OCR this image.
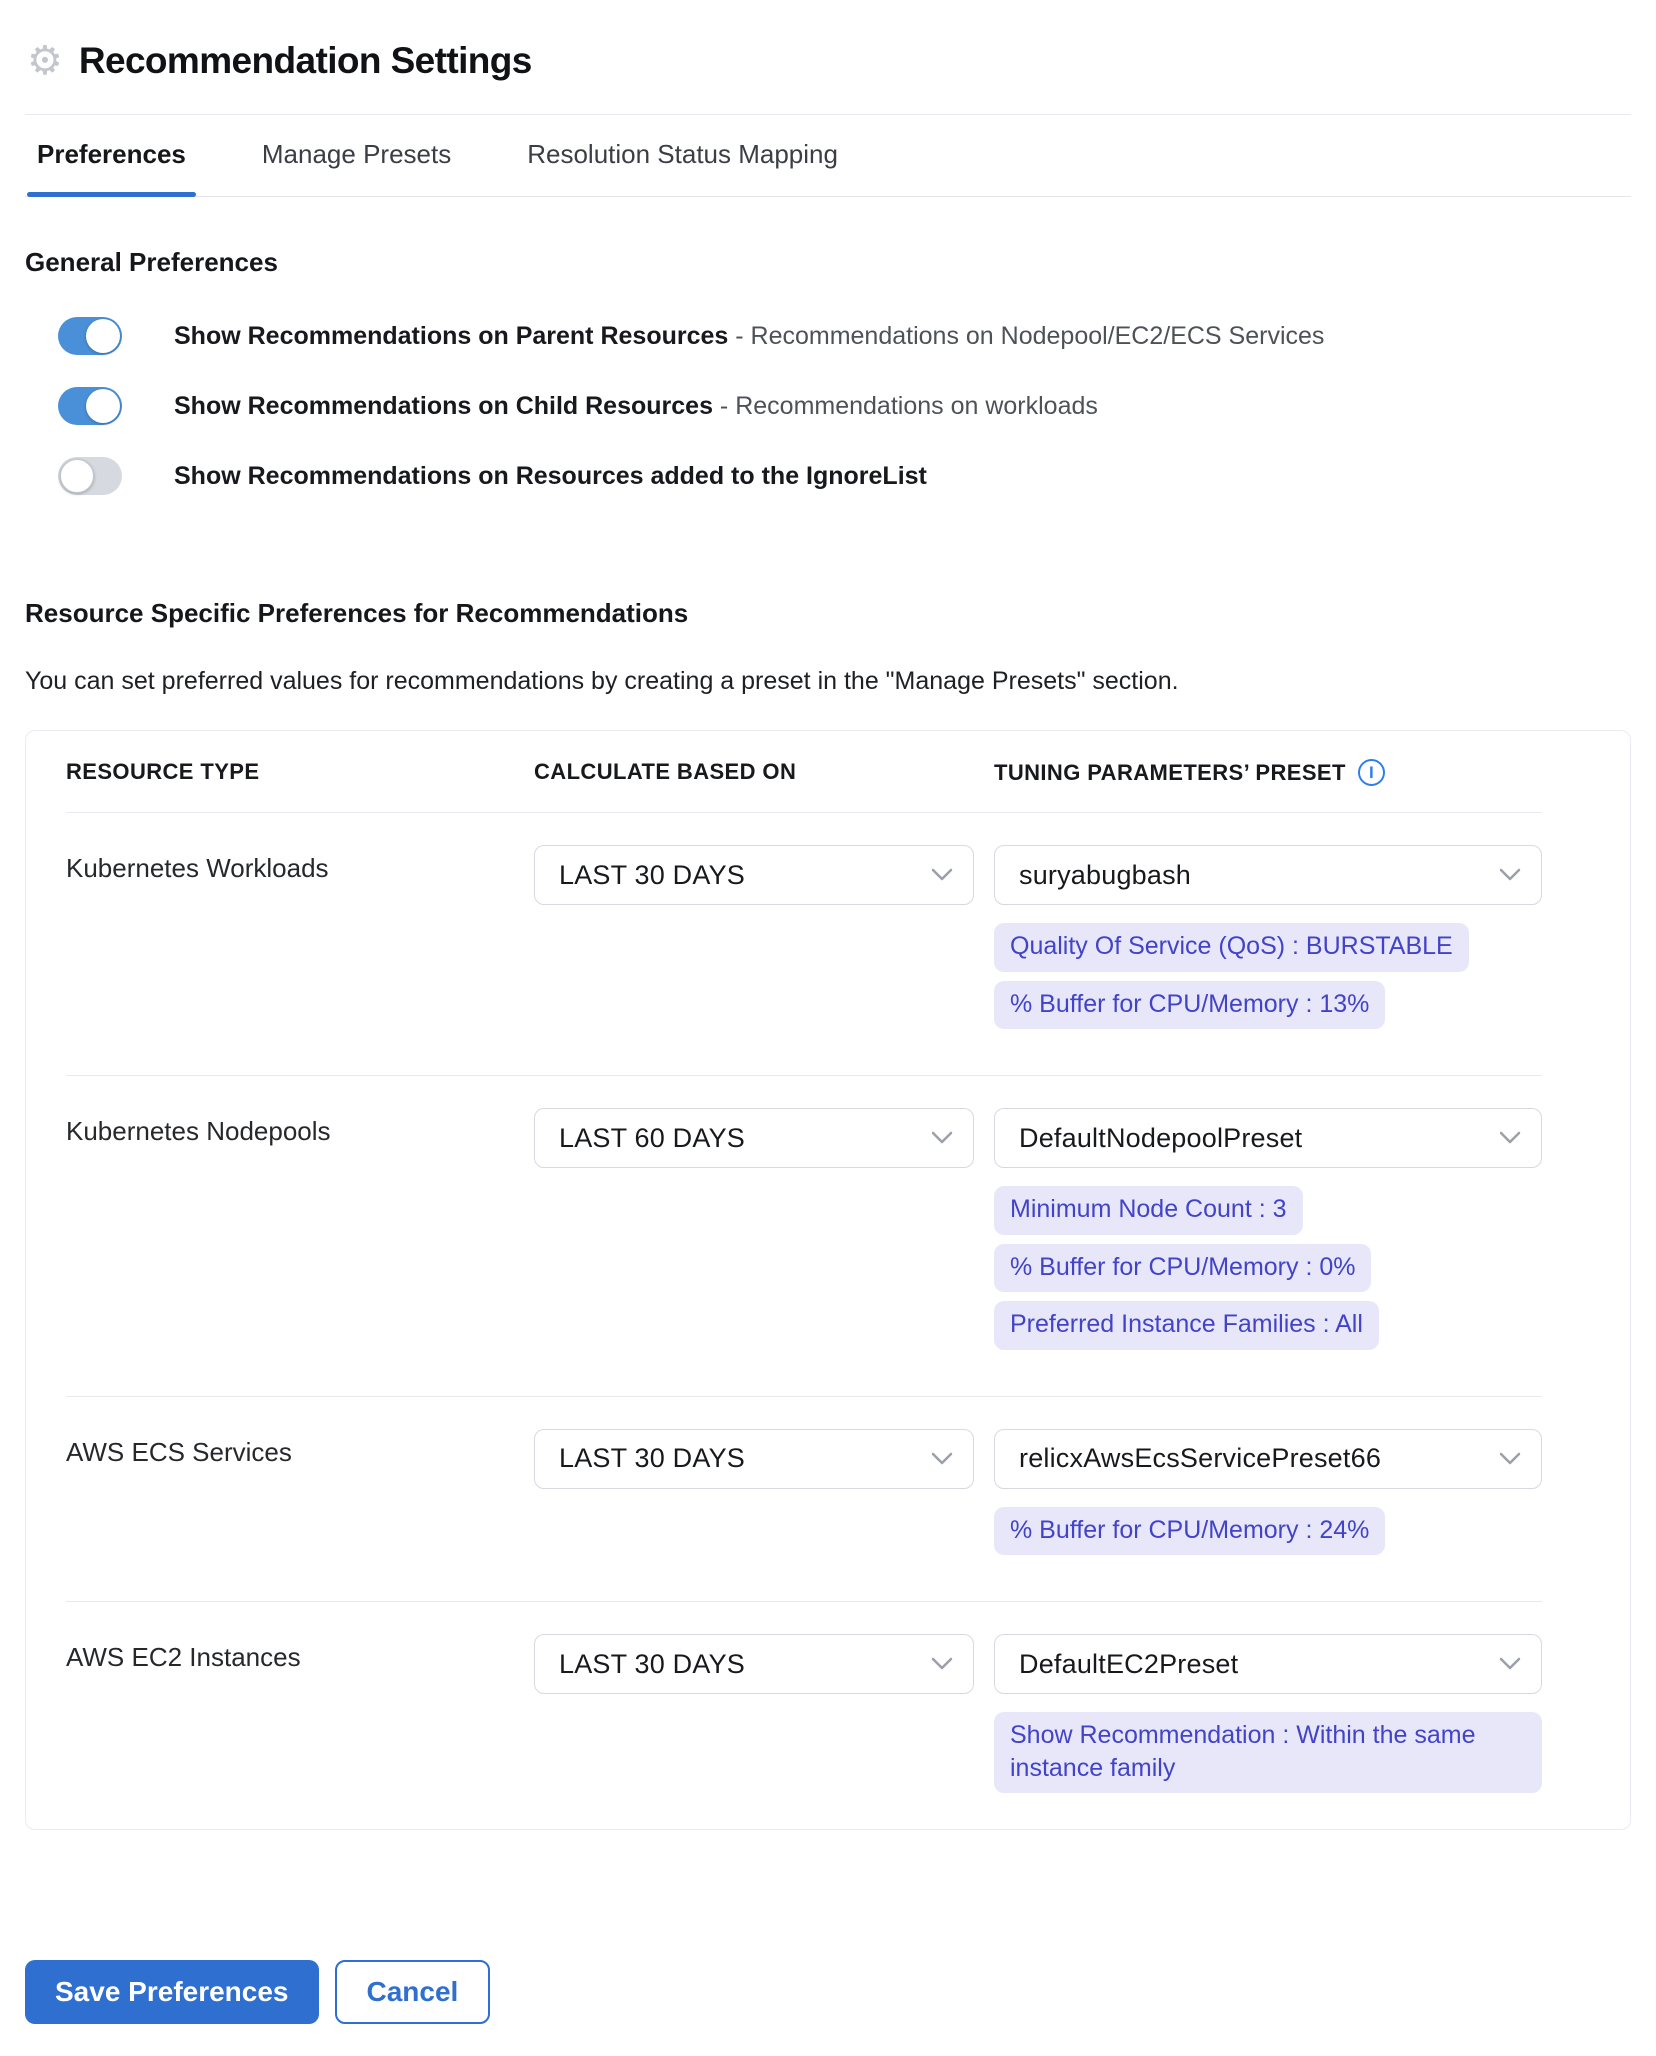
⚙ Recommendation Settings
Preferences	Manage Presets	Resolution Status Mapping
General Preferences
Show Recommendations on Parent Resources - Recommendations on Nodepool/EC2/ECS Services
Show Recommendations on Child Resources - Recommendations on workloads
Show Recommendations on Resources added to the IgnoreList
Resource Specific Preferences for Recommendations

You can set preferred values for recommendations by creating a preset in the "Manage Presets" section.

RESOURCE TYPE	CALCULATE BASED ON	TUNING PARAMETERS’ PRESET	I
Kubernetes Workloads	LAST 30 DAYS	suryabugbash
Quality Of Service (QoS) : BURSTABLE
% Buffer for CPU/Memory : 13%
Kubernetes Nodepools	LAST 60 DAYS	DefaultNodepoolPreset
Minimum Node Count : 3
% Buffer for CPU/Memory : 0%
Preferred Instance Families : All
AWS ECS Services	LAST 30 DAYS	relicxAwsEcsServicePreset66
% Buffer for CPU/Memory : 24%
AWS EC2 Instances	LAST 30 DAYS	DefaultEC2Preset
Show Recommendation : Within the same instance family
Save Preferences	Cancel
